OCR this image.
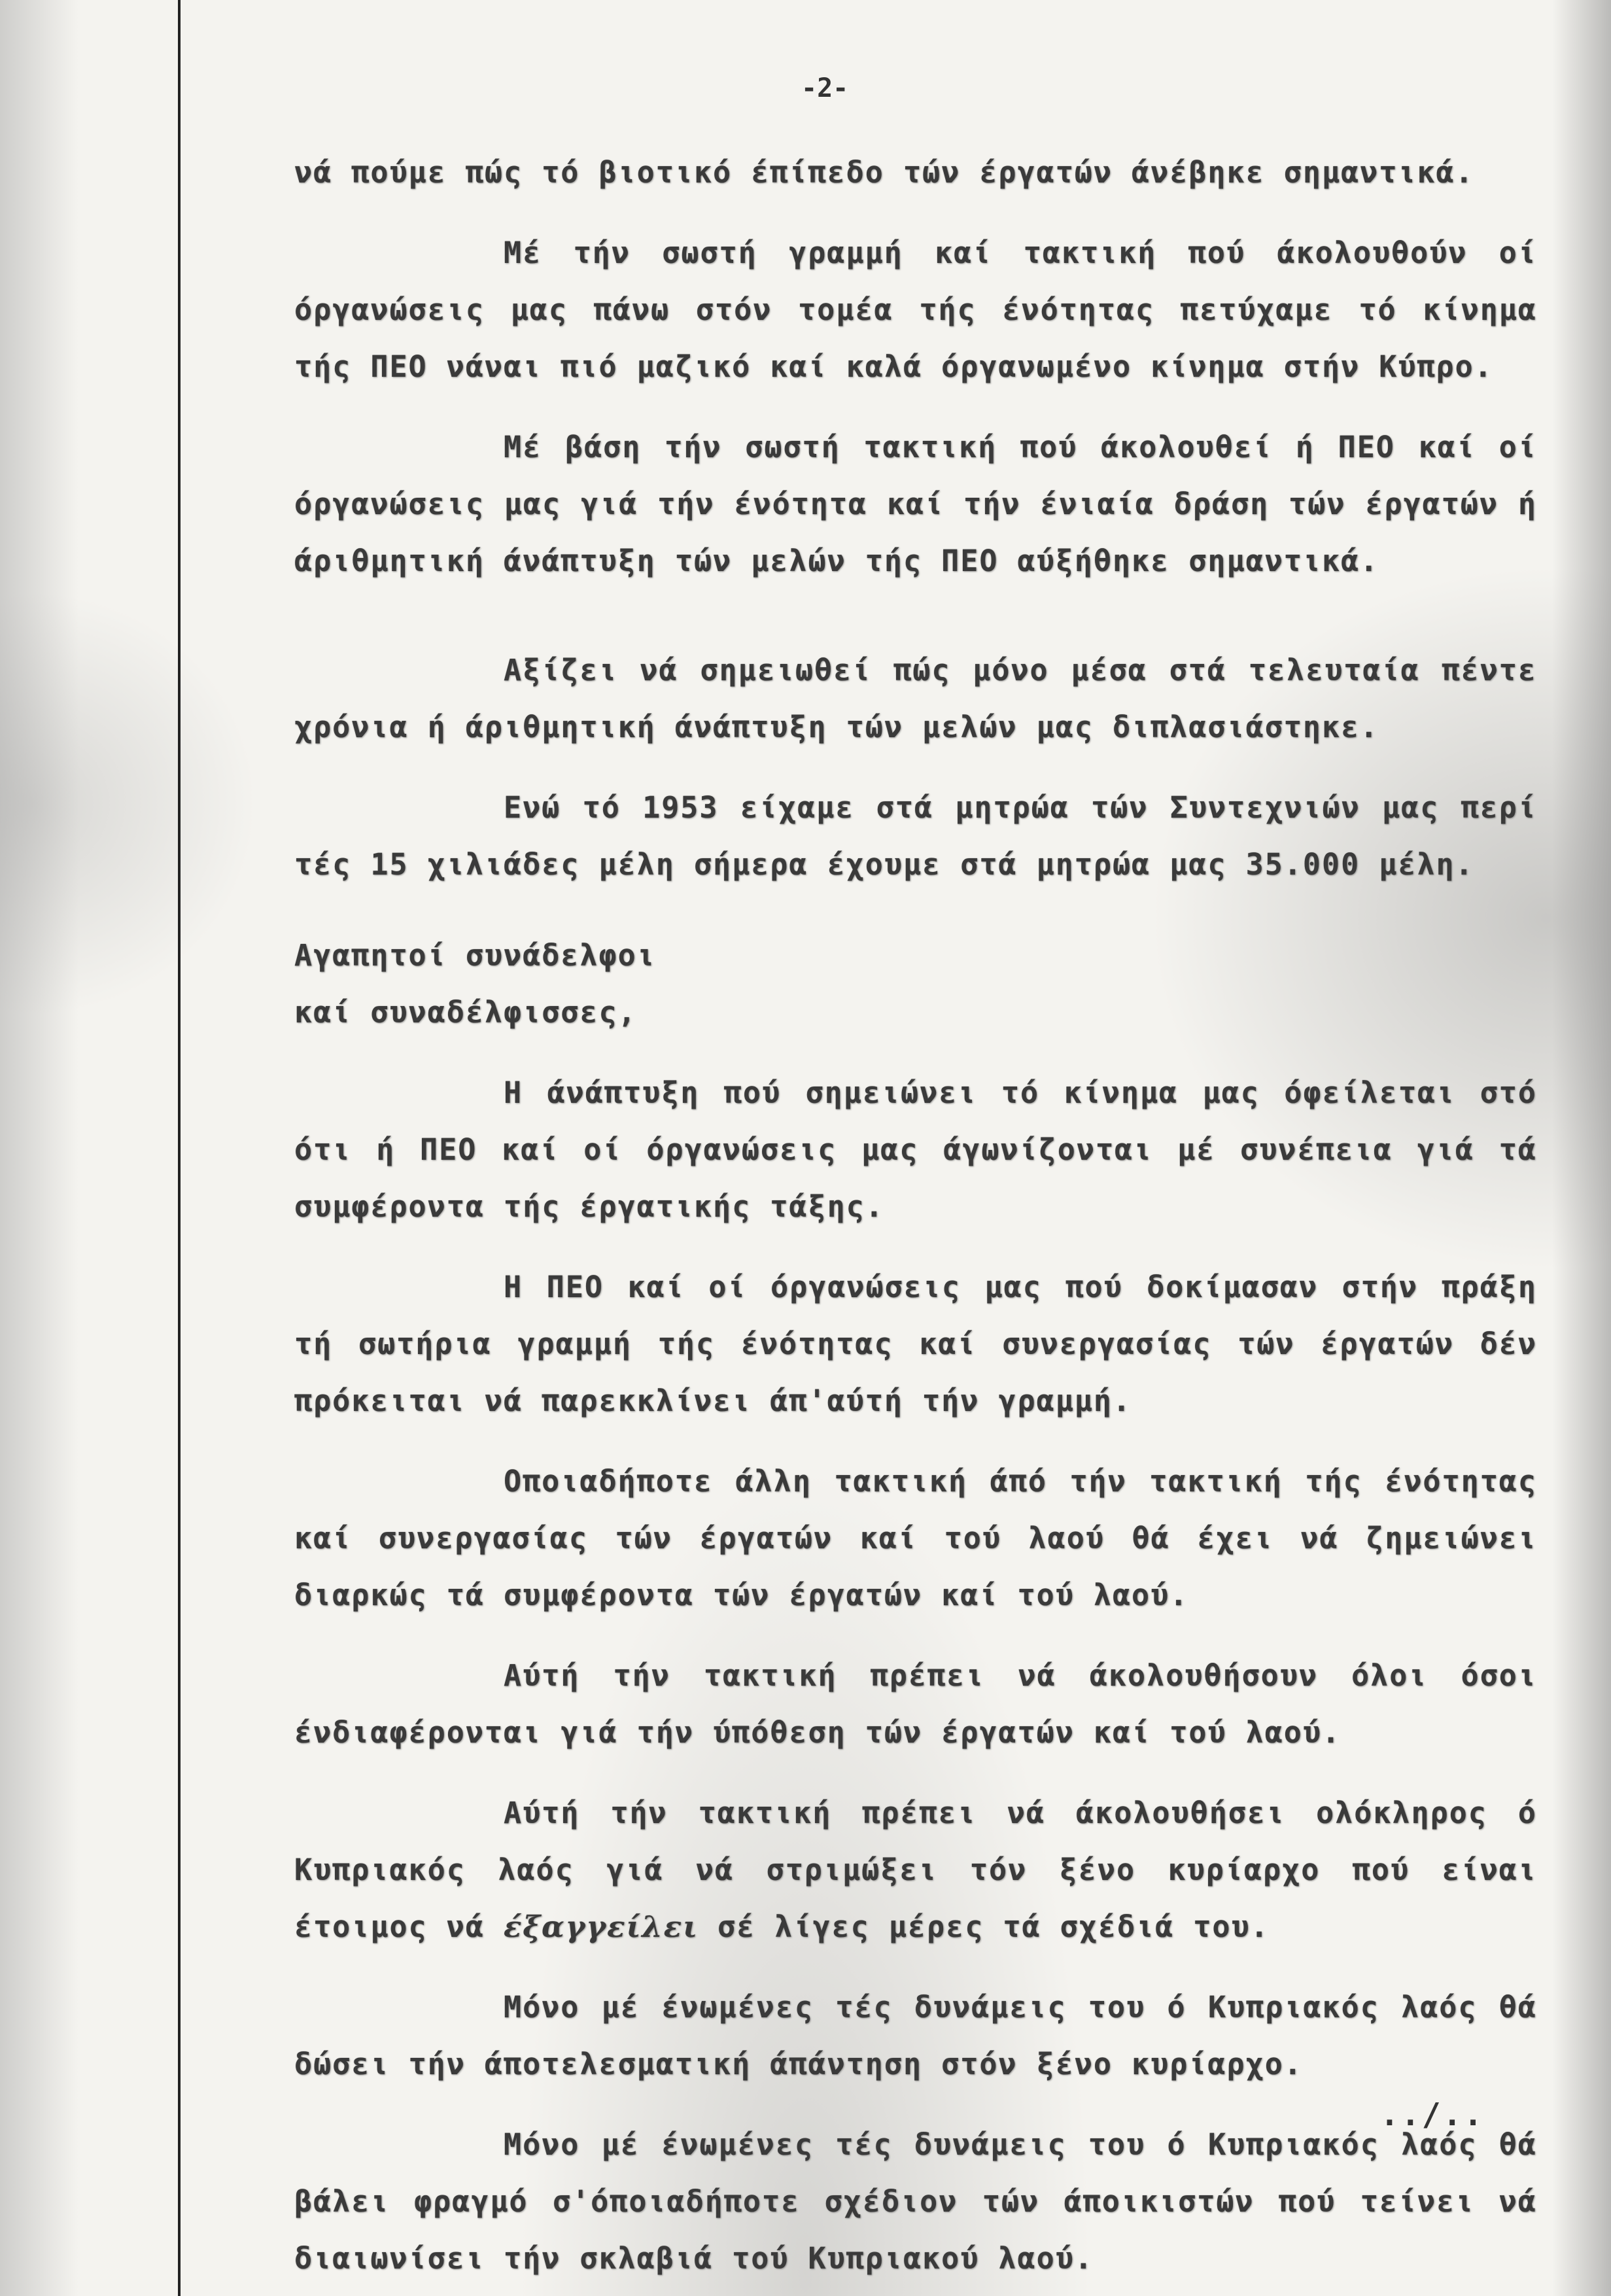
-2-

νά πούμε πώς τό βιοτικό έπίπεδο τών έργατών άνέβηκε σημαντικά.

Μέ τήν σωστή γραμμή καί τακτική πού άκολουθούν οί όργανώσεις μας πάνω στόν τομέα τής ένότητας πετύχαμε τό κίνημα τής ΠΕΟ νάναι πιό μαζικό καί καλά όργανωμένο κίνημα στήν Κύπρο.

Μέ βάση τήν σωστή τακτική πού άκολουθεί ή ΠΕΟ καί οί όργανώσεις μας γιά τήν ένότητα καί τήν ένιαία δράση τών έργατών ή άριθμητική άνάπτυξη τών μελών τής ΠΕΟ αύξήθηκε σημαντικά.

Αξίζει νά σημειωθεί πώς μόνο μέσα στά τελευταία πέντε χρόνια ή άριθμητική άνάπτυξη τών μελών μας διπλασιάστηκε.

Ενώ τό 1953 είχαμε στά μητρώα τών Συντεχνιών μας περί τές 15 χιλιάδες μέλη σήμερα έχουμε στά μητρώα μας 35.000 μέλη.

Αγαπητοί συνάδελφοι

καί συναδέλφισσες,

Η άνάπτυξη πού σημειώνει τό κίνημα μας όφείλεται στό ότι ή ΠΕΟ καί οί όργανώσεις μας άγωνίζονται μέ συνέπεια γιά τά συμφέροντα τής έργατικής τάξης.

Η ΠΕΟ καί οί όργανώσεις μας πού δοκίμασαν στήν πράξη τή σωτήρια γραμμή τής ένότητας καί συνεργασίας τών έργατών δέν πρόκειται νά παρεκκλίνει άπ'αύτή τήν γραμμή.

Οποιαδήποτε άλλη τακτική άπό τήν τακτική τής ένότητας καί συνεργασίας τών έργατών καί τού λαού θά έχει νά ζημειώνει διαρκώς τά συμφέροντα τών έργατών καί τού λαού.

Αύτή τήν τακτική πρέπει νά άκολουθήσουν όλοι όσοι ένδιαφέρονται γιά τήν ύπόθεση τών έργατών καί τού λαού.

Αύτή τήν τακτική πρέπει νά άκολουθήσει ολόκληρος ό Κυπριακός λαός γιά νά στριμώξει τόν ξένο κυρίαρχο πού είναι έτοιμος νά έξαγγείλει σέ λίγες μέρες τά σχέδιά του.

Μόνο μέ ένωμένες τές δυνάμεις του ό Κυπριακός λαός θά δώσει τήν άποτελεσματική άπάντηση στόν ξένο κυρίαρχο.

Μόνο μέ ένωμένες τές δυνάμεις του ό Κυπριακός λαός θά βάλει φραγμό σ'όποιαδήποτε σχέδιον τών άποικιστών πού τείνει νά διαιωνίσει τήν σκλαβιά τού Κυπριακού λαού.

../..
